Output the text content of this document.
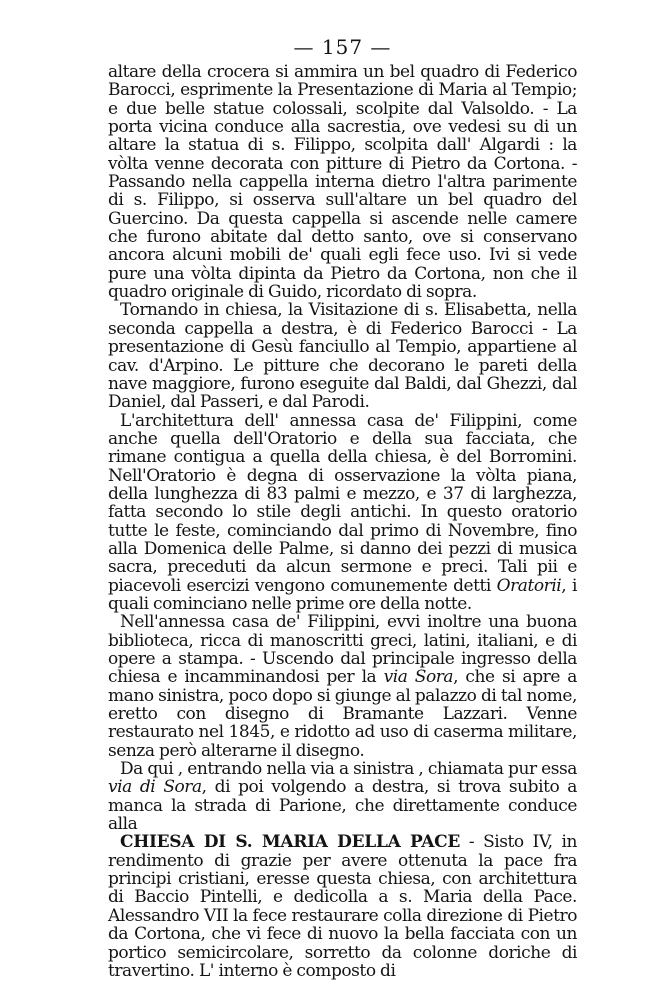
— 157 —

altare della crocera si ammira un bel quadro di Federico Barocci, esprimente la Presentazione di Maria al Tempio; e due belle statue colossali, scolpite dal Valsoldo. - La porta vicina conduce alla sacrestia, ove vedesi su di un altare la statua di s. Filippo, scolpita dall' Algardi : la vòlta venne decorata con pitture di Pietro da Cortona. - Passando nella cappella interna dietro l'altra parimente di s. Filippo, si osserva sull'altare un bel quadro del Guercino. Da questa cappella si ascende nelle camere che furono abitate dal detto santo, ove si conservano ancora alcuni mobili de' quali egli fece uso. Ivi si vede pure una vòlta dipinta da Pietro da Cortona, non che il quadro originale di Guido, ricordato di sopra.

Tornando in chiesa, la Visitazione di s. Elisabetta, nella seconda cappella a destra, è di Federico Barocci - La presentazione di Gesù fanciullo al Tempio, appartiene al cav. d'Arpino. Le pitture che decorano le pareti della nave maggiore, furono eseguite dal Baldi, dal Ghezzi, dal Daniel, dal Passeri, e dal Parodi.

L'architettura dell' annessa casa de' Filippini, come anche quella dell'Oratorio e della sua facciata, che rimane contigua a quella della chiesa, è del Borromini. Nell'Oratorio è degna di osservazione la vòlta piana, della lunghezza di 83 palmi e mezzo, e 37 di larghezza, fatta secondo lo stile degli antichi. In questo oratorio tutte le feste, cominciando dal primo di Novembre, fino alla Domenica delle Palme, si danno dei pezzi di musica sacra, preceduti da alcun sermone e preci. Tali pii e piacevoli esercizi vengono comunemente detti Oratorii, i quali cominciano nelle prime ore della notte.

Nell'annessa casa de' Filippini, evvi inoltre una buona biblioteca, ricca di manoscritti greci, latini, italiani, e di opere a stampa. - Uscendo dal principale ingresso della chiesa e incamminandosi per la via Sora, che si apre a mano sinistra, poco dopo si giunge al palazzo di tal nome, eretto con disegno di Bramante Lazzari. Venne restaurato nel 1845, e ridotto ad uso di caserma militare, senza però alterarne il disegno.

Da qui , entrando nella via a sinistra , chiamata pur essa via di Sora, di poi volgendo a destra, si trova subito a manca la strada di Parione, che direttamente conduce alla

CHIESA DI S. MARIA DELLA PACE - Sisto IV, in rendimento di grazie per avere ottenuta la pace fra principi cristiani, eresse questa chiesa, con architettura di Baccio Pintelli, e dedicolla a s. Maria della Pace. Alessandro VII la fece restaurare colla direzione di Pietro da Cortona, che vi fece di nuovo la bella facciata con un portico semicircolare, sorretto da colonne doriche di travertino. L' interno è composto di
